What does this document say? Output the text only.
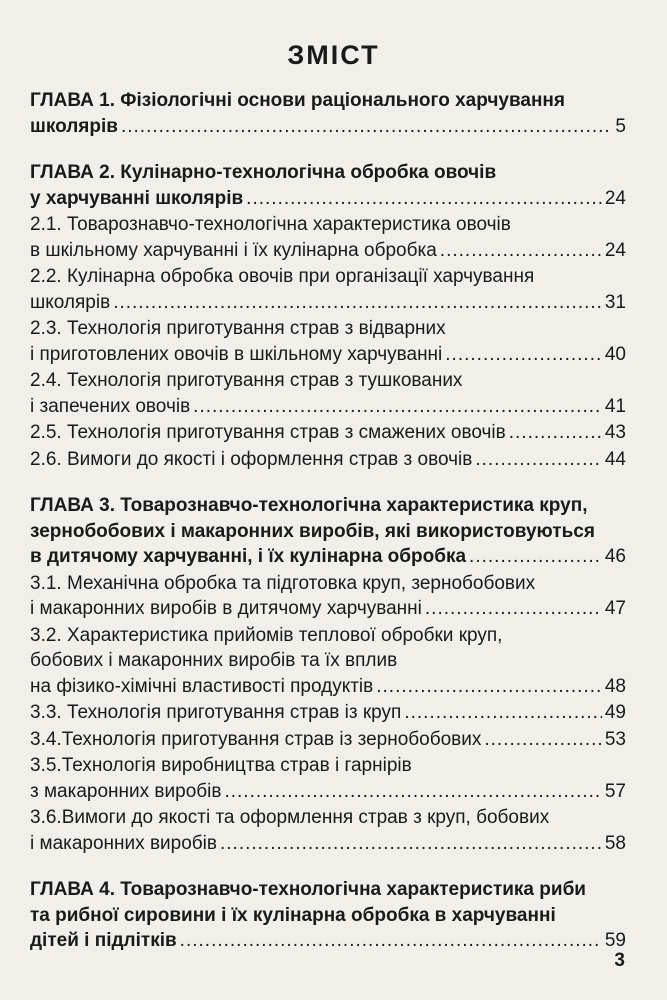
ЗМІСТ
ГЛАВА 1. Фізіологічні основи раціонального харчування
школярів .....	5
ГЛАВА 2. Кулінарно-технологічна обробка овочів
у харчуванні школярів .....	24
2.1. Товарознавчо-технологічна характеристика овочів
в шкільному харчуванні і їх кулінарна обробка .....	24
2.2. Кулінарна обробка овочів при організації харчування
школярів .....	31
2.3. Технологія приготування страв з відварних
і приготовлених овочів в шкільному харчуванні .....	40
2.4. Технологія приготування страв з тушкованих
і запечених овочів .....	41
2.5. Технологія приготування страв з смажених овочів .....	43
2.6. Вимоги до якості і оформлення страв з овочів .....	44
ГЛАВА 3. Товарознавчо-технологічна характеристика круп,
зернобобових і макаронних виробів, які використовуються
в дитячому харчуванні, і їх кулінарна обробка .....	46
3.1. Механічна обробка та підготовка круп, зернобобових
і макаронних виробів в дитячому харчуванні .....	47
3.2. Характеристика прийомів теплової обробки круп,
бобових і макаронних виробів та їх вплив
на фізико-хімічні властивості продуктів .....	48
3.3. Технологія приготування страв із круп .....	49
3.4.Технологія приготування страв із зернобобових .....	53
3.5.Технологія виробництва страв і гарнірів
з макаронних виробів .....	57
3.6.Вимоги до якості та оформлення страв з круп, бобових
і макаронних виробів .....	58
ГЛАВА 4. Товарознавчо-технологічна характеристика риби
та рибної сировини і їх кулінарна обробка в харчуванні
дітей і підлітків .....	59
3
